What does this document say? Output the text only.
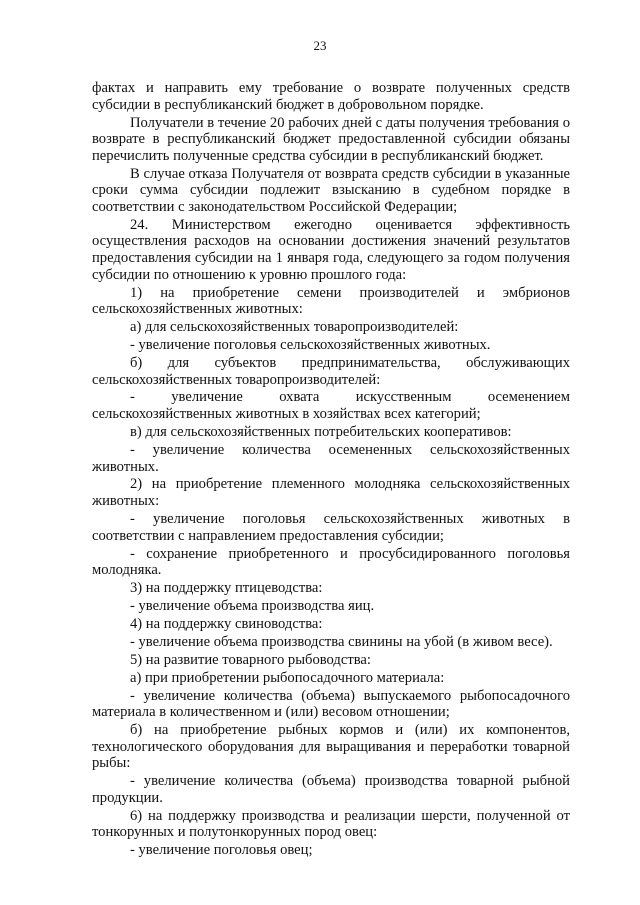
23

фактах и направить ему требование о возврате полученных средств субсидии в республиканский бюджет в добровольном порядке.

Получатели в течение 20 рабочих дней с даты получения требования о возврате в республиканский бюджет предоставленной субсидии обязаны перечислить полученные средства субсидии в республиканский бюджет.

В случае отказа Получателя от возврата средств субсидии в указанные сроки сумма субсидии подлежит взысканию в судебном порядке в соответствии с законодательством Российской Федерации;

24. Министерством ежегодно оценивается эффективность осуществления расходов на основании достижения значений результатов предоставления субсидии на 1 января года, следующего за годом получения субсидии по отношению к уровню прошлого года:

1) на приобретение семени производителей и эмбрионов сельскохозяйственных животных:

а) для сельскохозяйственных товаропроизводителей:

- увеличение поголовья сельскохозяйственных животных.

б) для субъектов предпринимательства, обслуживающих сельскохозяйственных товаропроизводителей:

- увеличение охвата искусственным осеменением сельскохозяйственных животных в хозяйствах всех категорий;

в) для сельскохозяйственных потребительских кооперативов:

- увеличение количества осемененных сельскохозяйственных животных.

2) на приобретение племенного молодняка сельскохозяйственных животных:

- увеличение поголовья сельскохозяйственных животных в соответствии с направлением предоставления субсидии;

- сохранение приобретенного и просубсидированного поголовья молодняка.

3) на поддержку птицеводства:

- увеличение объема производства яиц.

4) на поддержку свиноводства:

- увеличение объема производства свинины на убой (в живом весе).

5) на развитие товарного рыбоводства:

а) при приобретении рыбопосадочного материала:

- увеличение количества (объема) выпускаемого рыбопосадочного материала в количественном и (или) весовом отношении;

б) на приобретение рыбных кормов и (или) их компонентов, технологического оборудования для выращивания и переработки товарной рыбы:

- увеличение количества (объема) производства товарной рыбной продукции.

6) на поддержку производства и реализации шерсти, полученной от тонкорунных и полутонкорунных пород овец:

- увеличение поголовья овец;
